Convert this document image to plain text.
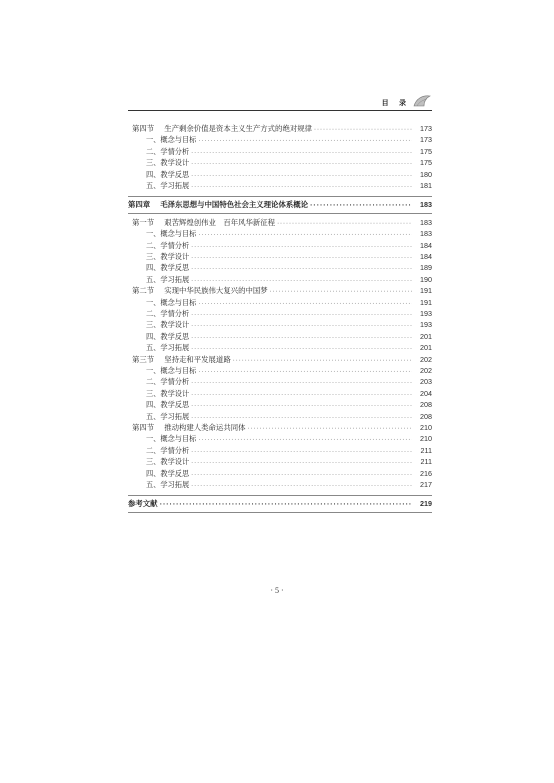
目 录
第四节 生产剩余价值是资本主义生产方式的绝对规律 ·····	173
一、概念与目标 ·····	173
二、学情分析 ·····	175
三、教学设计 ·····	175
四、教学反思 ·····	180
五、学习拓展 ·····	181
第四章 毛泽东思想与中国特色社会主义理论体系概论 ·····	183
第一节 艰苦辉煌创伟业　百年风华新征程 ·····	183
一、概念与目标 ·····	183
二、学情分析 ·····	184
三、教学设计 ·····	184
四、教学反思 ·····	189
五、学习拓展 ·····	190
第二节 实现中华民族伟大复兴的中国梦 ·····	191
一、概念与目标 ·····	191
二、学情分析 ·····	193
三、教学设计 ·····	193
四、教学反思 ·····	201
五、学习拓展 ·····	201
第三节 坚持走和平发展道路 ·····	202
一、概念与目标 ·····	202
二、学情分析 ·····	203
三、教学设计 ·····	204
四、教学反思 ·····	208
五、学习拓展 ·····	208
第四节 推动构建人类命运共同体 ·····	210
一、概念与目标 ·····	210
二、学情分析 ·····	211
三、教学设计 ·····	211
四、教学反思 ·····	216
五、学习拓展 ·····	217
参考文献 ·····	219
· 5 ·
